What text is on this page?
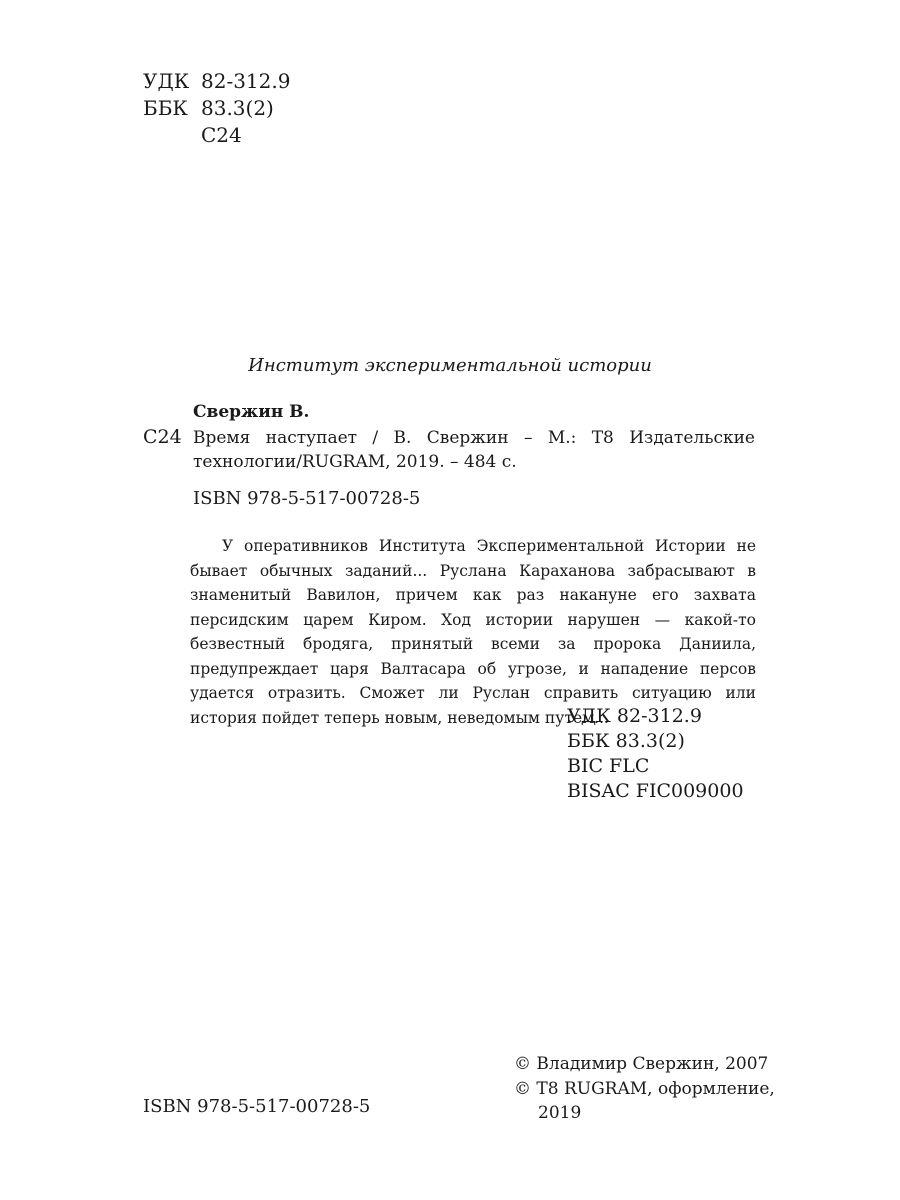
УДК 82-312.9
ББК 83.3(2)
С24
Институт экспериментальной истории
Свержин В.
С24 Время наступает / В. Свержин – М.: Т8 Издательские технологии/RUGRAM, 2019. – 484 с.
ISBN 978-5-517-00728-5
У оперативников Института Экспериментальной Истории не бывает обычных заданий... Руслана Караханова забрасывают в знаменитый Вавилон, причем как раз накануне его захвата персидским царем Киром. Ход истории нарушен — какой-то безвестный бродяга, принятый всеми за пророка Даниила, предупреждает царя Валтасара об угрозе, и нападение персов удается отразить. Сможет ли Руслан справить ситуацию или история пойдет теперь новым, неведомым путем...
УДК 82-312.9
ББК 83.3(2)
BIC FLC
BISAC FIC009000
© Владимир Свержин, 2007
© Т8 RUGRAM, оформление,
2019
ISBN 978-5-517-00728-5
